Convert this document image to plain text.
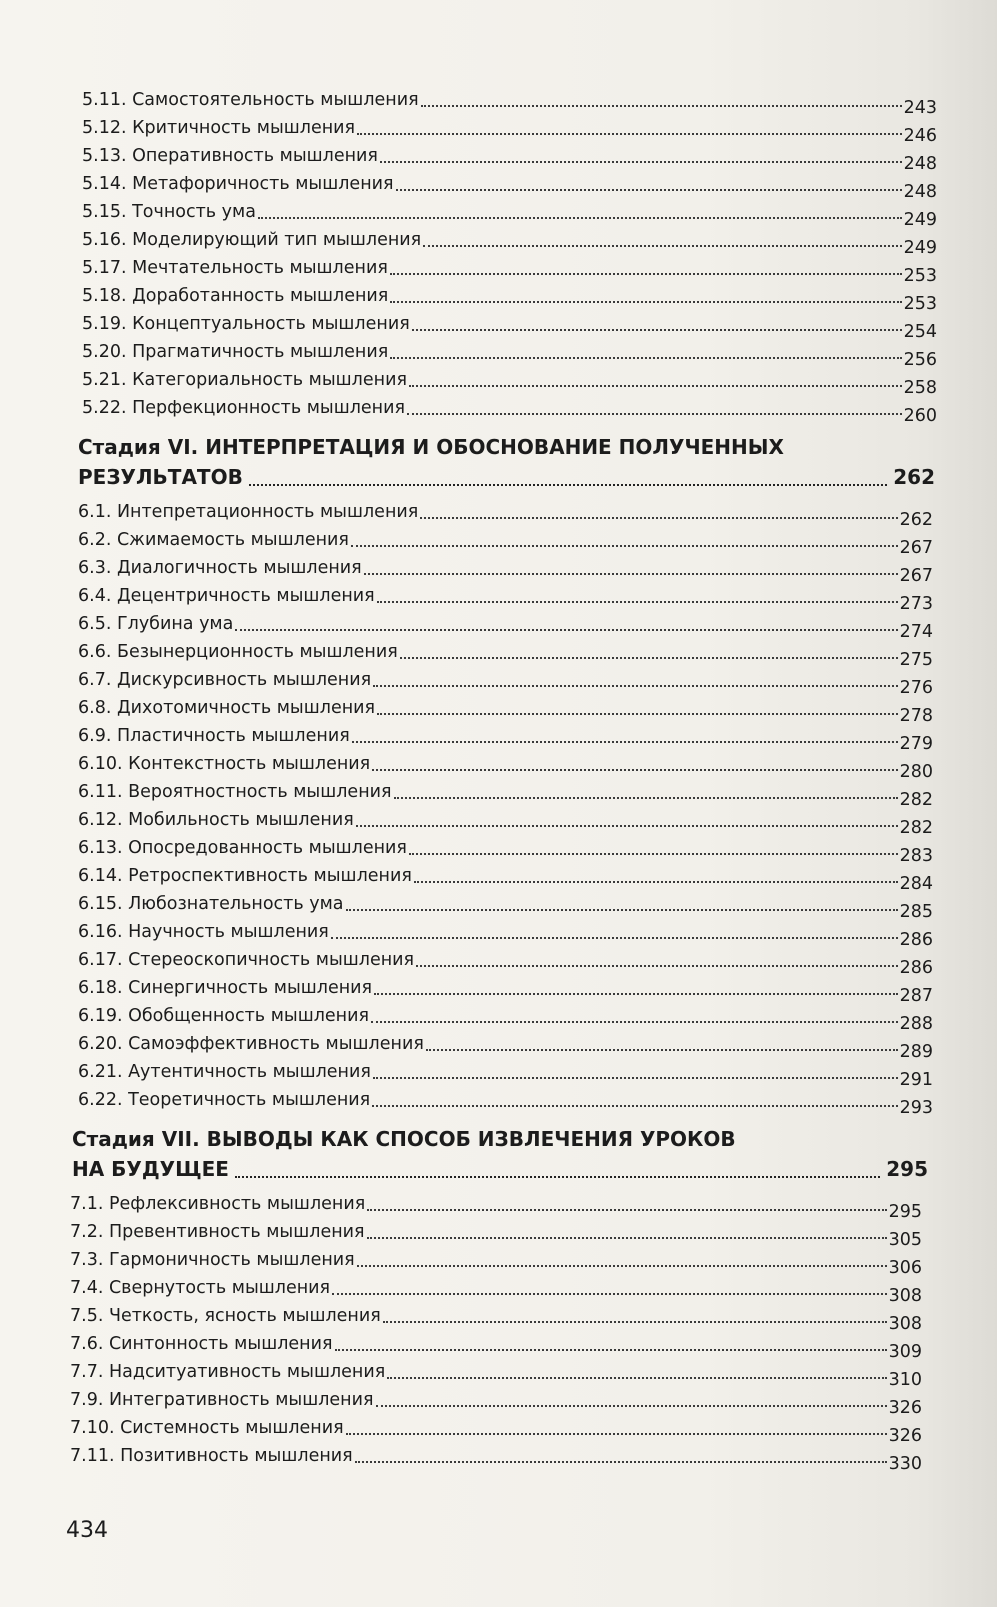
5.11. Самостоятельность мышления	243
5.12. Критичность мышления	246
5.13. Оперативность мышления	248
5.14. Метафоричность мышления	248
5.15. Точность ума	249
5.16. Моделирующий тип мышления	249
5.17. Мечтательность мышления	253
5.18. Доработанность мышления	253
5.19. Концептуальность мышления	254
5.20. Прагматичность мышления	256
5.21. Категориальность мышления	258
5.22. Перфекционность мышления	260
Стадия VI. ИНТЕРПРЕТАЦИЯ И ОБОСНОВАНИЕ ПОЛУЧЕННЫХ
РЕЗУЛЬТАТОВ	262
6.1. Интепретационность мышления	262
6.2. Сжимаемость мышления	267
6.3. Диалогичность мышления	267
6.4. Децентричность мышления	273
6.5. Глубина ума	274
6.6. Безынерционность мышления	275
6.7. Дискурсивность мышления	276
6.8. Дихотомичность мышления	278
6.9. Пластичность мышления	279
6.10. Контекстность мышления	280
6.11. Вероятностность мышления	282
6.12. Мобильность мышления	282
6.13. Опосредованность мышления	283
6.14. Ретроспективность мышления	284
6.15. Любознательность ума	285
6.16. Научность мышления	286
6.17. Стереоскопичность мышления	286
6.18. Синергичность мышления	287
6.19. Обобщенность мышления	288
6.20. Самоэффективность мышления	289
6.21. Аутентичность мышления	291
6.22. Теоретичность мышления	293
Стадия VII. ВЫВОДЫ КАК СПОСОБ ИЗВЛЕЧЕНИЯ УРОКОВ
НА БУДУЩЕЕ	295
7.1. Рефлексивность мышления	295
7.2. Превентивность мышления	305
7.3. Гармоничность мышления	306
7.4. Свернутость мышления	308
7.5. Четкость, ясность мышления	308
7.6. Синтонность мышления	309
7.7. Надситуативность мышления	310
7.9. Интегративность мышления	326
7.10. Системность мышления	326
7.11. Позитивность мышления	330
434
